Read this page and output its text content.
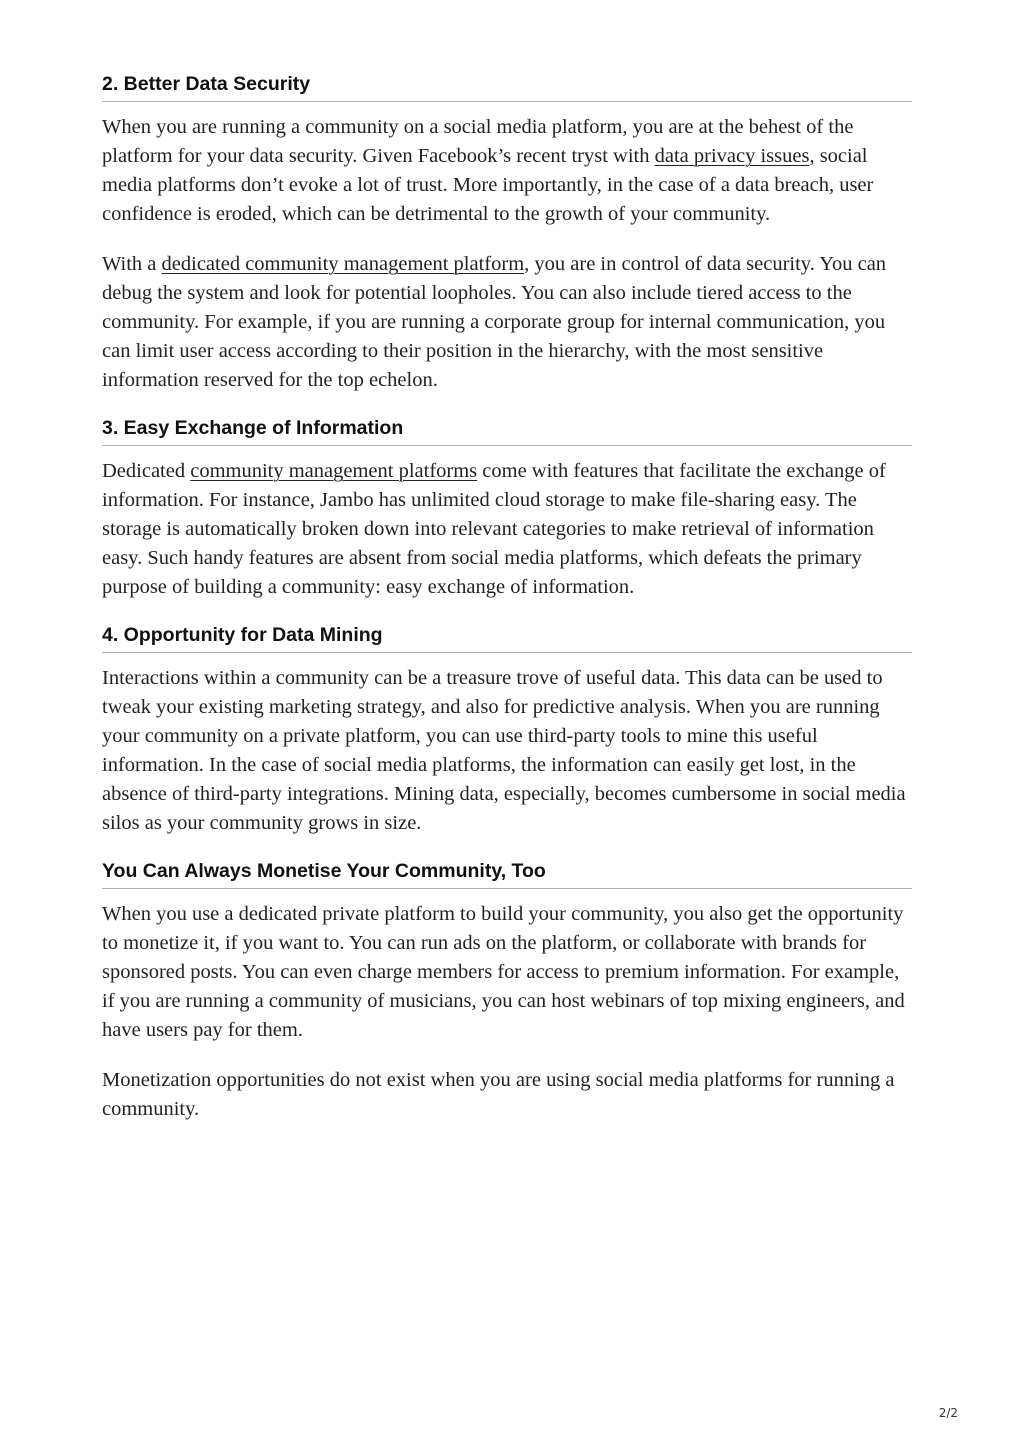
2. Better Data Security

When you are running a community on a social media platform, you are at the behest of the platform for your data security. Given Facebook’s recent tryst with data privacy issues, social media platforms don’t evoke a lot of trust. More importantly, in the case of a data breach, user confidence is eroded, which can be detrimental to the growth of your community.

With a dedicated community management platform, you are in control of data security. You can debug the system and look for potential loopholes. You can also include tiered access to the community. For example, if you are running a corporate group for internal communication, you can limit user access according to their position in the hierarchy, with the most sensitive information reserved for the top echelon.

3. Easy Exchange of Information

Dedicated community management platforms come with features that facilitate the exchange of information. For instance, Jambo has unlimited cloud storage to make file-sharing easy. The storage is automatically broken down into relevant categories to make retrieval of information easy. Such handy features are absent from social media platforms, which defeats the primary purpose of building a community: easy exchange of information.

4. Opportunity for Data Mining

Interactions within a community can be a treasure trove of useful data. This data can be used to tweak your existing marketing strategy, and also for predictive analysis. When you are running your community on a private platform, you can use third-party tools to mine this useful information. In the case of social media platforms, the information can easily get lost, in the absence of third-party integrations. Mining data, especially, becomes cumbersome in social media silos as your community grows in size.

You Can Always Monetise Your Community, Too

When you use a dedicated private platform to build your community, you also get the opportunity to monetize it, if you want to. You can run ads on the platform, or collaborate with brands for sponsored posts. You can even charge members for access to premium information. For example, if you are running a community of musicians, you can host webinars of top mixing engineers, and have users pay for them.

Monetization opportunities do not exist when you are using social media platforms for running a community.

2/2
